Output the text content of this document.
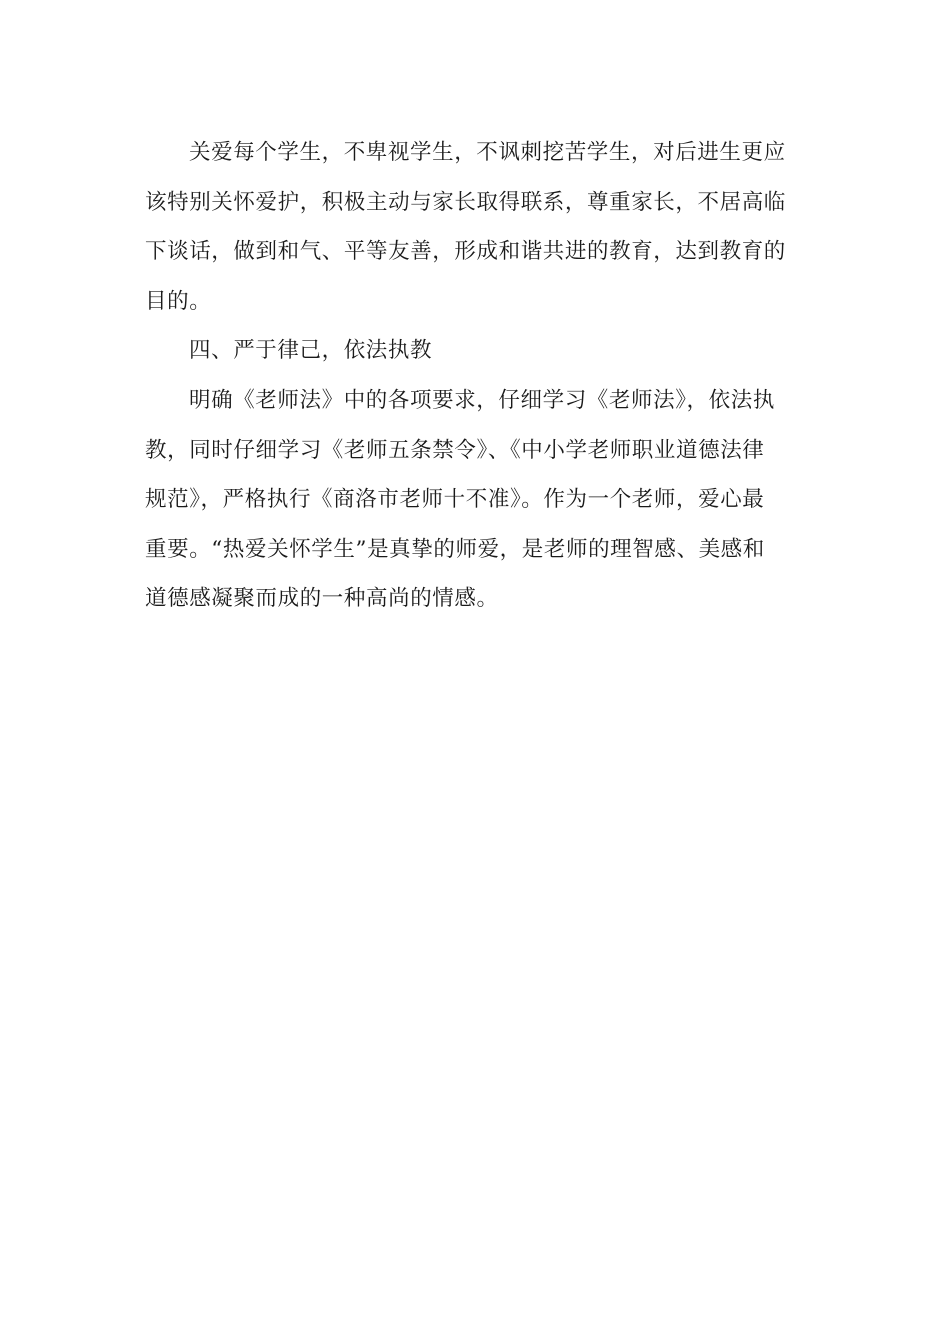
关爱每个学生，不卑视学生，不讽刺挖苦学生，对后进生更应
该特别关怀爱护，积极主动与家长取得联系，尊重家长，不居高临
下谈话，做到和气、平等友善，形成和谐共进的教育，达到教育的
目的。
四、严于律己，依法执教
明确《老师法》中的各项要求，仔细学习《老师法》，依法执
教，同时仔细学习《老师五条禁令》、《中小学老师职业道德法律
规范》，严格执行《商洛市老师十不准》。作为一个老师，爱心最
重要。“热爱关怀学生”是真挚的师爱，是老师的理智感、美感和
道德感凝聚而成的一种高尚的情感。
